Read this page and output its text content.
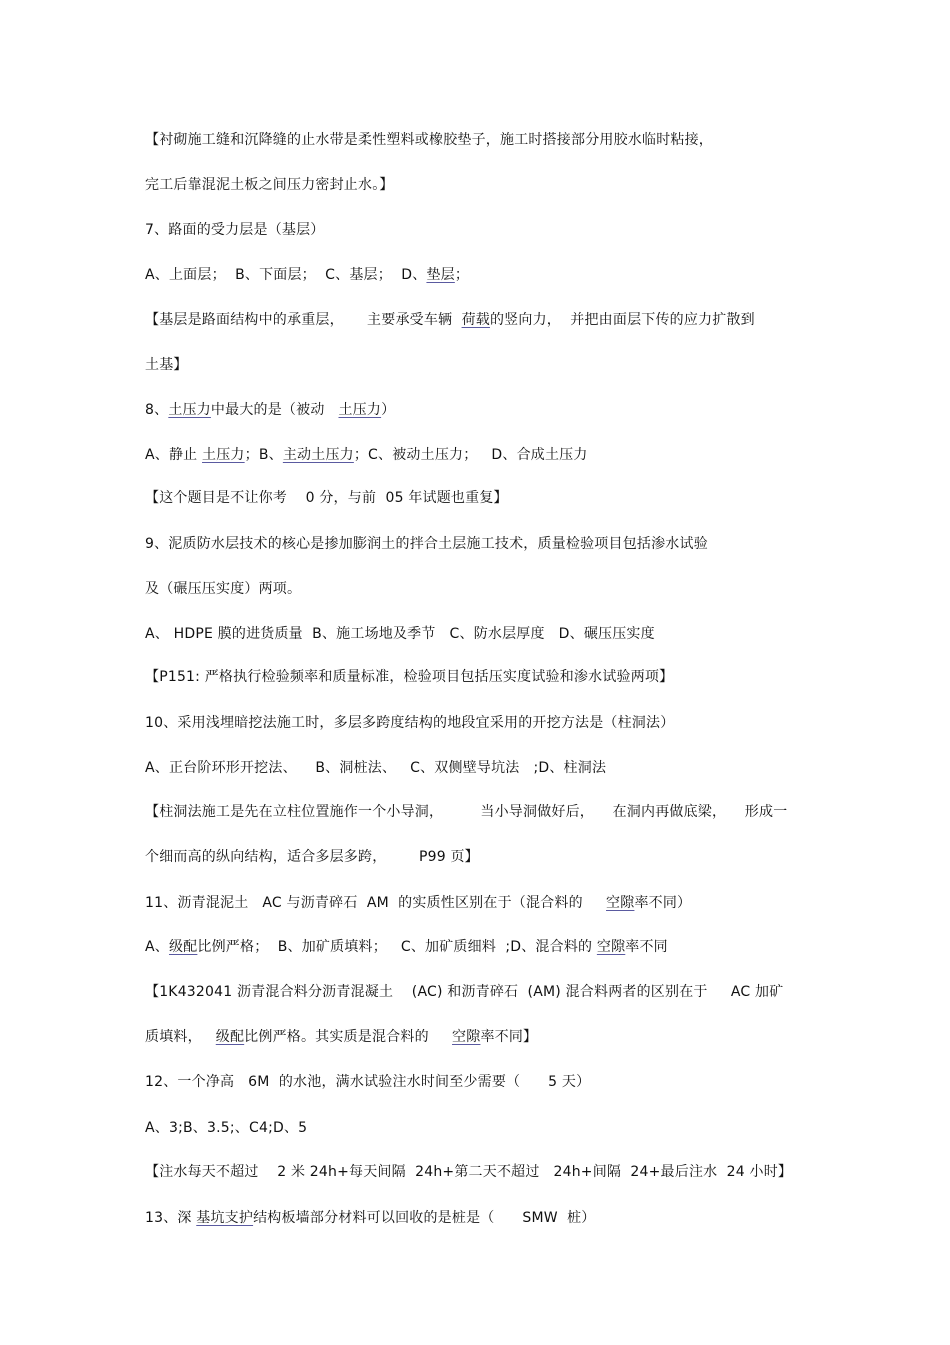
【衬砌施工缝和沉降缝的止水带是柔性塑料或橡胶垫子，施工时搭接部分用胶水临时粘接，
完工后靠混泥土板之间压力密封止水。】
7、路面的受力层是（基层）
A、上面层；  B、下面层；  C、基层；  D、垫层；
【基层是路面结构中的承重层，     主要承受车辆  荷载的竖向力，  并把由面层下传的应力扩散到
土基】
8、土压力中最大的是（被动   土压力）
A、静止 土压力；B、主动土压力；C、被动土压力；   D、合成土压力
【这个题目是不让你考    0 分，与前  05 年试题也重复】
9、泥质防水层技术的核心是掺加膨润土的拌合土层施工技术，质量检验项目包括渗水试验
及（碾压压实度）两项。
A、 HDPE 膜的进货质量  B、施工场地及季节   C、防水层厚度   D、碾压压实度
【P151: 严格执行检验频率和质量标准，检验项目包括压实度试验和渗水试验两项】
10、采用浅埋暗挖法施工时，多层多跨度结构的地段宜采用的开挖方法是（柱洞法）
A、正台阶环形开挖法、    B、洞桩法、   C、双侧壁导坑法   ;D、柱洞法
【柱洞法施工是先在立柱位置施作一个小导洞，        当小导洞做好后，    在洞内再做底梁，    形成一
个细而高的纵向结构，适合多层多跨，       P99 页】
11、沥青混泥土   AC 与沥青碎石  AM  的实质性区别在于（混合料的     空隙率不同）
A、级配比例严格；  B、加矿质填料；   C、加矿质细料  ;D、混合料的 空隙率不同
【1K432041 沥青混合料分沥青混凝土    (AC) 和沥青碎石  (AM) 混合料两者的区别在于     AC 加矿
质填料，   级配比例严格。其实质是混合料的     空隙率不同】
12、一个净高   6M  的水池，满水试验注水时间至少需要（      5 天）
A、3;B、3.5;、C4;D、5
【注水每天不超过    2 米 24h+每天间隔  24h+第二天不超过   24h+间隔  24+最后注水  24 小时】
13、深 基坑支护结构板墙部分材料可以回收的是桩是（      SMW  桩）
